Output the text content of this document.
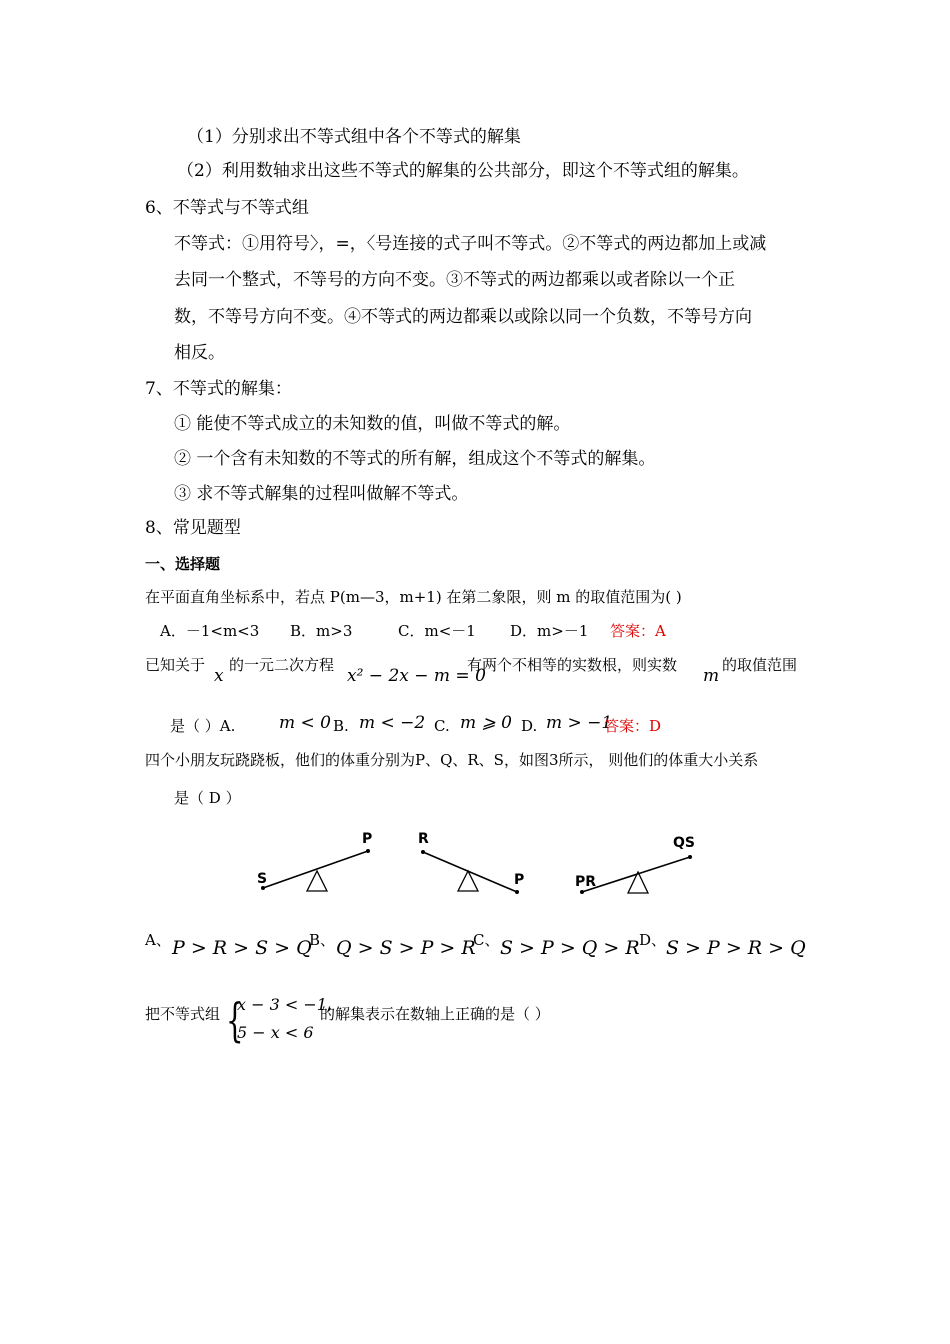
（1）分别求出不等式组中各个不等式的解集
（2）利用数轴求出这些不等式的解集的公共部分，即这个不等式组的解集。
6、不等式与不等式组
不等式：①用符号〉，=，〈号连接的式子叫不等式。②不等式的两边都加上或减
去同一个整式，不等号的方向不变。③不等式的两边都乘以或者除以一个正
数，不等号方向不变。④不等式的两边都乘以或除以同一个负数，不等号方向
相反。
7、不等式的解集：
① 能使不等式成立的未知数的值，叫做不等式的解。
② 一个含有未知数的不等式的所有解，组成这个不等式的解集。
③ 求不等式解集的过程叫做解不等式。
8、常见题型
一、选择题
在平面直角坐标系中，若点 P(m—3，m+1) 在第二象限，则 m 的取值范围为( )
A．－1<m<3 B．m>3	C．m<－1 D．m>－1 答案：A
已知关于
x
的一元二次方程
x² − 2x − m = 0
有两个不相等的实数根，则实数
m
的取值范围
是（ ）A.	m < 0 B. m < −2 C. m ⩾ 0 D. m > −1
答案：D
四个小朋友玩跷跷板，他们的体重分别为P、Q、R、S，如图3所示， 则他们的体重大小关系
是（ D ）
S
P	R
P	PR
QS
A、 P > R > S > Q
B、 Q > S > P > R
C、 S > P > Q > R D、 S > P > R > Q
把不等式组 {
x − 3 < −1,
5 − x < 6
的解集表示在数轴上正确的是（ ）
